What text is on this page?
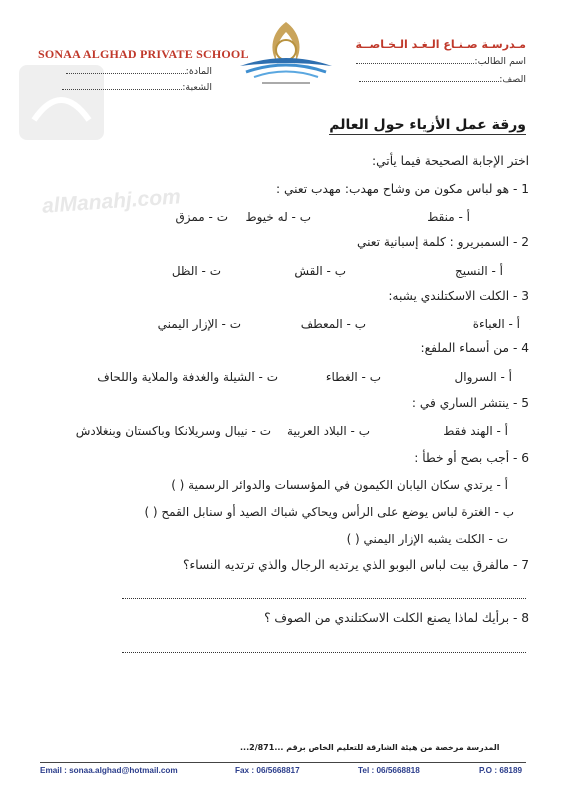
alManahj.com
SONAA ALGHAD PRIVATE SCHOOL
المادة:
الشعبة:
مـدرسـة صـنـاع الـغـد الـخـاصــة
اسم الطالب:
الصف:
ورقة عمل الأزياء حول العالم
اختر الإجابة الصحيحة فيما يأتي:
1 - هو لباس مكون من وشاح مهدب: مهدب تعني :
أ - منقط
ب - له خيوط
ت - ممزق
2 - السمبريرو : كلمة إسبانية تعني
أ - النسيج
ب - القش
ت - الظل
3 - الكلت الاسكتلندي يشبه:
أ - العباءة
ب - المعطف
ت - الإزار اليمني
4 - من أسماء الملفع:
أ - السروال
ب - الغطاء
ت - الشيلة والغدفة والملاية واللحاف
5 - ينتشر الساري في :
أ - الهند فقط
ب - البلاد العربية
ت - نيبال وسريلانكا وباكستان وبنغلادش
6 - أجب بصح أو خطأ :
أ - يرتدي سكان اليابان الكيمون في المؤسسات والدوائر الرسمية ( )
ب - الغترة لباس يوضع على الرأس ويحاكي شباك الصيد أو سنابل القمح ( )
ت - الكلت يشبه الإزار اليمني ( )
7 - مالفرق بيت لباس البوبو الذي يرتديه الرجال والذي ترتديه النساء؟
8 - برأيك لماذا يصنع الكلت الاسكتلندي من الصوف ؟
المدرسة مرخصة من هيئة الشارقة للتعليم الخاص برقم ...2/871...
Email : sonaa.alghad@hotmail.com	Fax : 06/5668817	Tel : 06/5668818	P.O : 68189
